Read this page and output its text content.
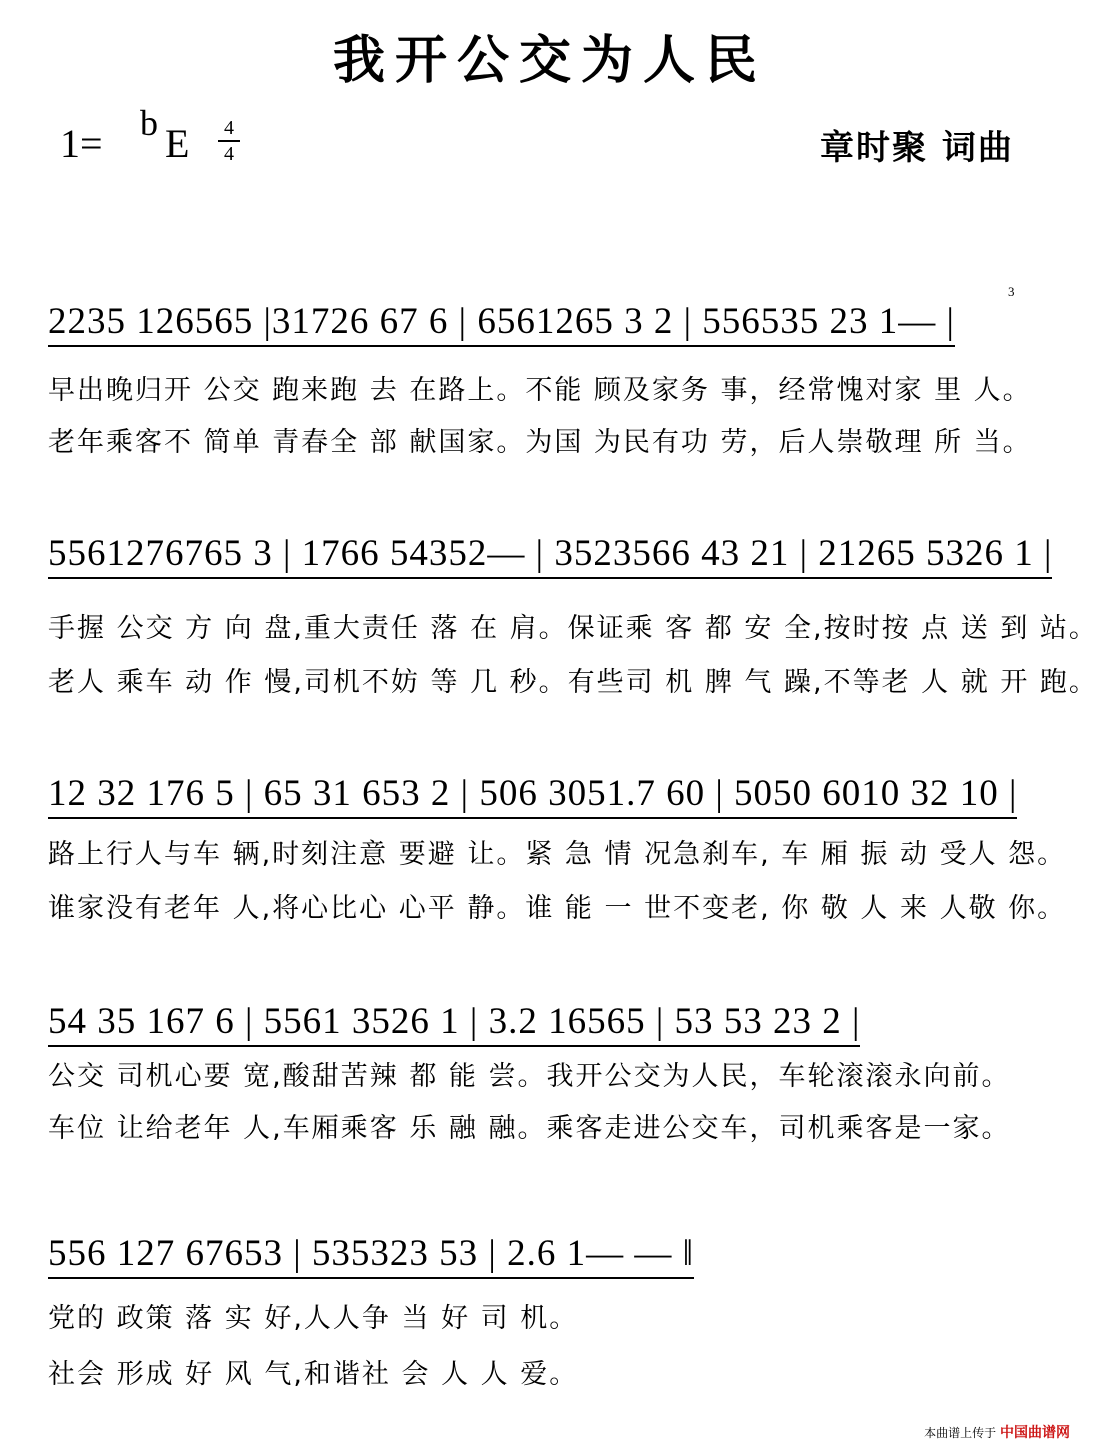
我开公交为人民
1= b E 4
4	章时聚 词曲
2235 126565 |31726 67 6 | 6561265 3 2 | 556535 23 1— |
3
早出晚归开 公交 跑来跑 去 在路上。不能 顾及家务 事，经常愧对家 里 人。
老年乘客不 简单 青春全 部 献国家。为国 为民有功 劳，后人崇敬理 所 当。
5561276765 3 | 1766 54352— | 3523566 43 21 | 21265 5326 1 |
手握 公交 方 向 盘,重大责任 落 在 肩。保证乘 客 都 安 全,按时按 点 送 到 站。
老人 乘车 动 作 慢,司机不妨 等 几 秒。有些司 机 脾 气 躁,不等老 人 就 开 跑。
12 32 176 5 | 65 31 653 2 | 506 3051.7 60 | 5050 6010 32 10 |
路上行人与车 辆,时刻注意 要避 让。紧 急 情 况急刹车, 车 厢 振 动 受人 怨。
谁家没有老年 人,将心比心 心平 静。谁 能 一 世不变老, 你 敬 人 来 人敬 你。
54 35 167 6 | 5561 3526 1 | 3.2 16565 | 53 53 23 2 |
公交 司机心要 宽,酸甜苦辣 都 能 尝。我开公交为人民，车轮滚滚永向前。
车位 让给老年 人,车厢乘客 乐 融 融。乘客走进公交车，司机乘客是一家。
556 127 67653 | 535323 53 | 2.6 1— — ‖
党的 政策 落 实 好,人人争 当 好 司 机。
社会 形成 好 风 气,和谐社 会 人 人 爱。
本曲谱上传于 中国曲谱网
